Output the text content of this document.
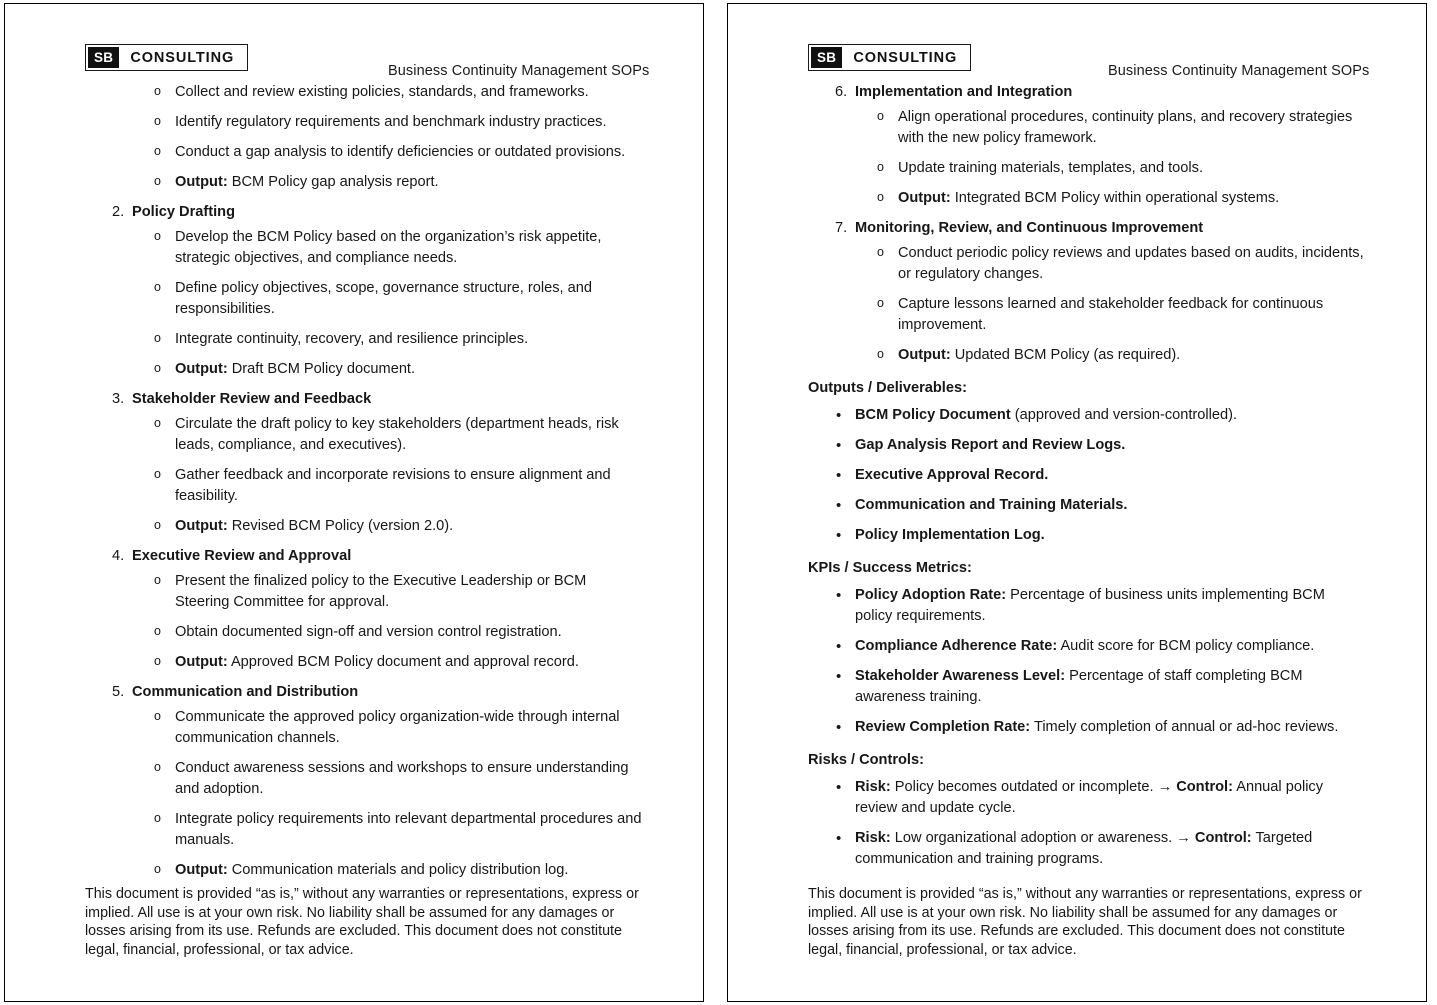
SB	CONSULTING
Business Continuity Management SOPs
o Collect and review existing policies, standards, and frameworks.
o Identify regulatory requirements and benchmark industry practices.
o Conduct a gap analysis to identify deficiencies or outdated provisions.
o Output: BCM Policy gap analysis report.
2. Policy Drafting
o Develop the BCM Policy based on the organization’s risk appetite, strategic objectives, and compliance needs.
o Define policy objectives, scope, governance structure, roles, and responsibilities.
o Integrate continuity, recovery, and resilience principles.
o Output: Draft BCM Policy document.
3. Stakeholder Review and Feedback
o Circulate the draft policy to key stakeholders (department heads, risk leads, compliance, and executives).
o Gather feedback and incorporate revisions to ensure alignment and feasibility.
o Output: Revised BCM Policy (version 2.0).
4. Executive Review and Approval
o Present the finalized policy to the Executive Leadership or BCM Steering Committee for approval.
o Obtain documented sign-off and version control registration.
o Output: Approved BCM Policy document and approval record.
5. Communication and Distribution
o Communicate the approved policy organization-wide through internal communication channels.
o Conduct awareness sessions and workshops to ensure understanding and adoption.
o Integrate policy requirements into relevant departmental procedures and manuals.
o Output: Communication materials and policy distribution log.
This document is provided “as is,” without any warranties or representations, express or implied. All use is at your own risk. No liability shall be assumed for any damages or losses arising from its use. Refunds are excluded. This document does not constitute legal, financial, professional, or tax advice.
SB	CONSULTING
Business Continuity Management SOPs
6. Implementation and Integration
o Align operational procedures, continuity plans, and recovery strategies with the new policy framework.
o Update training materials, templates, and tools.
o Output: Integrated BCM Policy within operational systems.
7. Monitoring, Review, and Continuous Improvement
o Conduct periodic policy reviews and updates based on audits, incidents, or regulatory changes.
o Capture lessons learned and stakeholder feedback for continuous improvement.
o Output: Updated BCM Policy (as required).
Outputs / Deliverables:
• BCM Policy Document (approved and version-controlled).
• Gap Analysis Report and Review Logs.
• Executive Approval Record.
• Communication and Training Materials.
• Policy Implementation Log.
KPIs / Success Metrics:
• Policy Adoption Rate: Percentage of business units implementing BCM policy requirements.
• Compliance Adherence Rate: Audit score for BCM policy compliance.
• Stakeholder Awareness Level: Percentage of staff completing BCM awareness training.
• Review Completion Rate: Timely completion of annual or ad-hoc reviews.
Risks / Controls:
• Risk: Policy becomes outdated or incomplete. → Control: Annual policy review and update cycle.
• Risk: Low organizational adoption or awareness. → Control: Targeted communication and training programs.
This document is provided “as is,” without any warranties or representations, express or implied. All use is at your own risk. No liability shall be assumed for any damages or losses arising from its use. Refunds are excluded. This document does not constitute legal, financial, professional, or tax advice.
